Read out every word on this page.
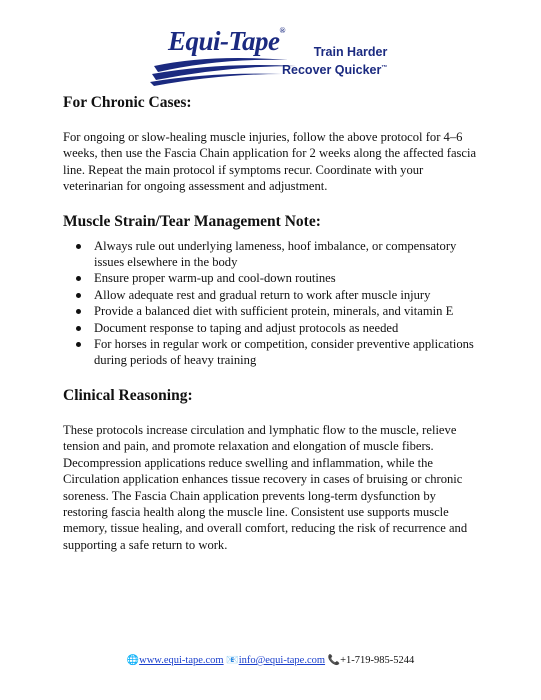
Equi-Tape®
Train Harder
Recover Quicker™
For Chronic Cases:

For ongoing or slow-healing muscle injuries, follow the above protocol for 4–6 weeks, then use the Fascia Chain application for 2 weeks along the affected fascia line. Repeat the main protocol if symptoms recur. Coordinate with your veterinarian for ongoing assessment and adjustment.

Muscle Strain/Tear Management Note:
Always rule out underlying lameness, hoof imbalance, or compensatory issues elsewhere in the body
Ensure proper warm-up and cool-down routines
Allow adequate rest and gradual return to work after muscle injury
Provide a balanced diet with sufficient protein, minerals, and vitamin E
Document response to taping and adjust protocols as needed
For horses in regular work or competition, consider preventive applications during periods of heavy training
Clinical Reasoning:

These protocols increase circulation and lymphatic flow to the muscle, relieve tension and pain, and promote relaxation and elongation of muscle fibers. Decompression applications reduce swelling and inflammation, while the Circulation application enhances tissue recovery in cases of bruising or chronic soreness. The Fascia Chain application prevents long-term dysfunction by restoring fascia health along the muscle line. Consistent use supports muscle memory, tissue healing, and overall comfort, reducing the risk of recurrence and supporting a safe return to work.

🌐www.equi-tape.com 📧info@equi-tape.com 📞+1-719-985-5244
